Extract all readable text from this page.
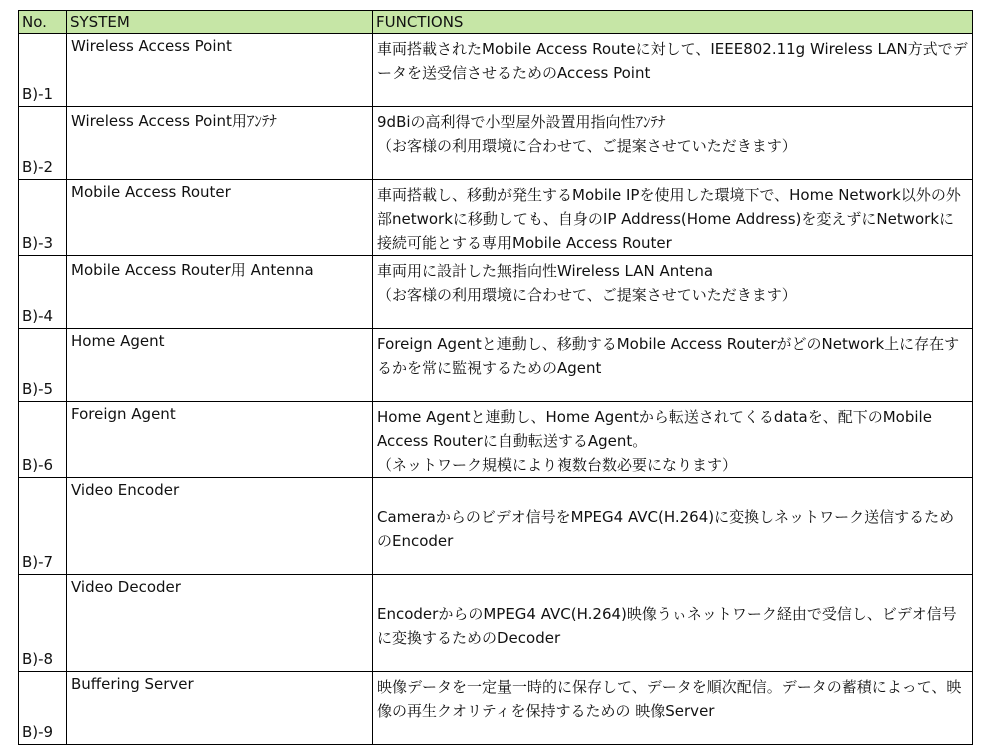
No.	SYSTEM	FUNCTIONS
B)-1	Wireless Access Point	車両搭載されたMobile Access Routeに対して、IEEE802.11g Wireless LAN方式でデータを送受信させるためのAccess Point
B)-2	Wireless Access Point用ｱﾝﾃﾅ	9dBiの高利得で小型屋外設置用指向性ｱﾝﾃﾅ
（お客様の利用環境に合わせて、ご提案させていただきます）
B)-3	Mobile Access Router	車両搭載し、移動が発生するMobile IPを使用した環境下で、Home Network以外の外部networkに移動しても、自身のIP Address(Home Address)を変えずにNetworkに接続可能とする専用Mobile Access Router
B)-4	Mobile Access Router用 Antenna	車両用に設計した無指向性Wireless LAN Antena
（お客様の利用環境に合わせて、ご提案させていただきます）
B)-5	Home Agent	Foreign Agentと連動し、移動するMobile Access RouterがどのNetwork上に存在するかを常に監視するためのAgent
B)-6	Foreign Agent	Home Agentと連動し、Home Agentから転送されてくるdataを、配下のMobile Access Routerに自動転送するAgent。
（ネットワーク規模により複数台数必要になります）
B)-7	Video Encoder	Cameraからのビデオ信号をMPEG4 AVC(H.264)に変換しネットワーク送信するためのEncoder
B)-8	Video Decoder	EncoderからのMPEG4 AVC(H.264)映像うぃネットワーク経由で受信し、ビデオ信号に変換するためのDecoder
B)-9	Buffering Server	映像データを一定量一時的に保存して、データを順次配信。データの蓄積によって、映像の再生クオリティを保持するための 映像Server
